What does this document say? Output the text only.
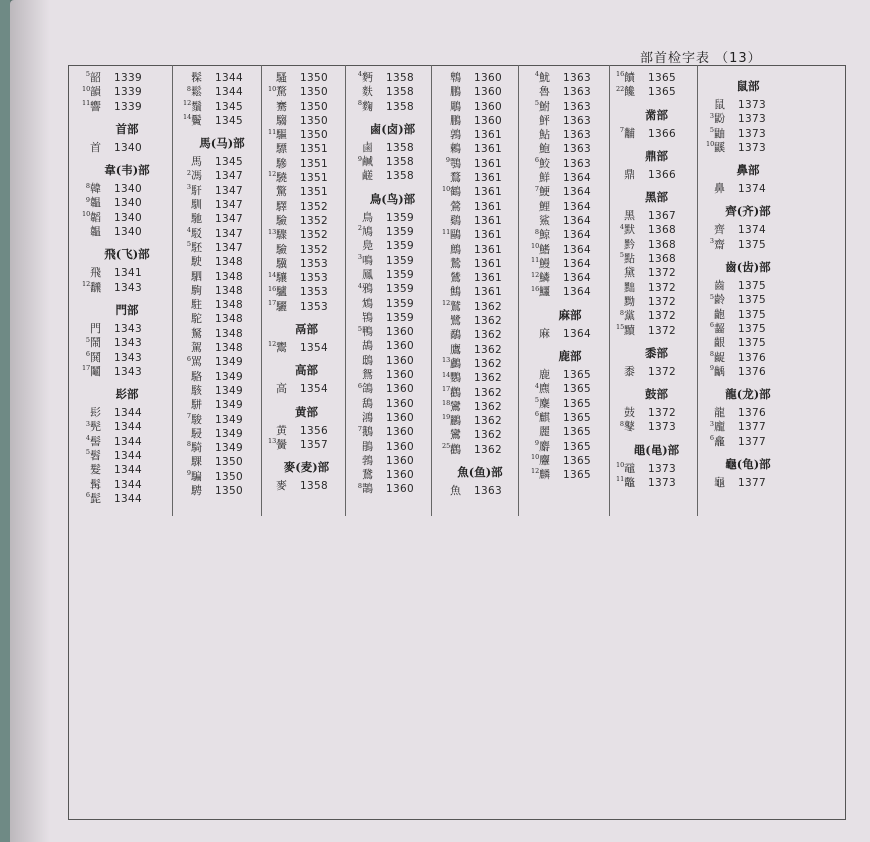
部首检字表 （13）
5韶 1339
10韻 1339
11響 1339
首部
首 1340
韋(韦)部
8韓 1340
9韞 1340
10韜 1340
韞 1340
飛(飞)部
飛 1341
12飜 1343
門部
門 1343
5鬧 1343
6鬨 1343
17鬮 1343
髟部
髟 1344
3髡 1344
4髻 1344
5髫 1344
髮 1344
髯 1344
6髭 1344
髹 1344
8鬆 1344
12鬚 1345
14鬢 1345
馬(马)部
馬 1345
2馮 1347
3馯 1347
馴 1347
馳 1347
4駁 1347
5駓 1347
駛 1348
駟 1348
駒 1348
駐 1348
駝 1348
駑 1348
駕 1348
6駡 1349
駱 1349
駭 1349
駢 1349
7駿 1349
駸 1349
8騎 1349
騍 1350
9騙 1350
騁 1350
騷 1350
10騖 1350
騫 1350
騶 1350
11驅 1350
驃 1351
驂 1351
12驍 1351
驚 1351
驛 1352
驗 1352
13驟 1352
驗 1352
驥 1353
14驤 1353
16驢 1353
17驪 1353
鬲部
12鬻 1354
高部
高 1354
黄部
黄 1356
13黌 1357
麥(麦)部
麥 1358
4麪 1358
麩 1358
8麴 1358
鹵(卤)部
鹵 1358
9鹹 1358
鹺 1358
鳥(鸟)部
鳥 1359
2鳩 1359
鳧 1359
3鳴 1359
鳳 1359
4鴉 1359
鴆 1359
鴇 1359
5鴨 1360
鴣 1360
鴟 1360
鴛 1360
6鴿 1360
鴰 1360
鴻 1360
7鵝 1360
鵑 1360
鵓 1360
鵞 1360
8鵲 1360
鵯 1360
鵬 1360
鵰 1360
鵬 1360
鶉 1361
鶇 1361
9鶚 1361
鶩 1361
10鶴 1361
鶯 1361
鷄 1361
11鷗 1361
鷓 1361
鷙 1361
鷥 1361
鷦 1361
12鷲 1362
鷺 1362
鷸 1362
鷹 1362
13鸕 1362
14鸚 1362
17鸛 1362
18鸞 1362
19鸝 1362
鸞 1362
25鸛 1362
魚(鱼)部
魚 1363
4魷 1363
魯 1363
5鮒 1363
鮃 1363
鮎 1363
鮑 1363
6鮫 1363
鮮 1364
7鯁 1364
鯉 1364
鯊 1364
8鯨 1364
10鰭 1364
11鰻 1364
12鱗 1364
16鱷 1364
麻部
麻 1364
鹿部
鹿 1365
4麃 1365
5麇 1365
6麒 1365
麗 1365
9麝 1365
10麞 1365
12麟 1365
16饙 1365
22饞 1365
黹部
7黼 1366
鼎部
鼎 1366
黑部
黑 1367
4默 1368
黔 1368
5點 1368
黛 1372
黜 1372
黝 1372
8黨 1372
15黷 1372
黍部
黍 1372
鼓部
鼓 1372
8鼕 1373
黽(黾)部
10黿 1373
11鼈 1373
鼠部
鼠 1373
3鼢 1373
5鼬 1373
10鼷 1373
鼻部
鼻 1374
齊(齐)部
齊 1374
3齋 1375
齒(齿)部
齒 1375
5齡 1375
齙 1375
6齧 1375
齦 1375
8齪 1376
9齲 1376
龍(龙)部
龍 1376
3龐 1377
6龕 1377
龜(龟)部
龜 1377
